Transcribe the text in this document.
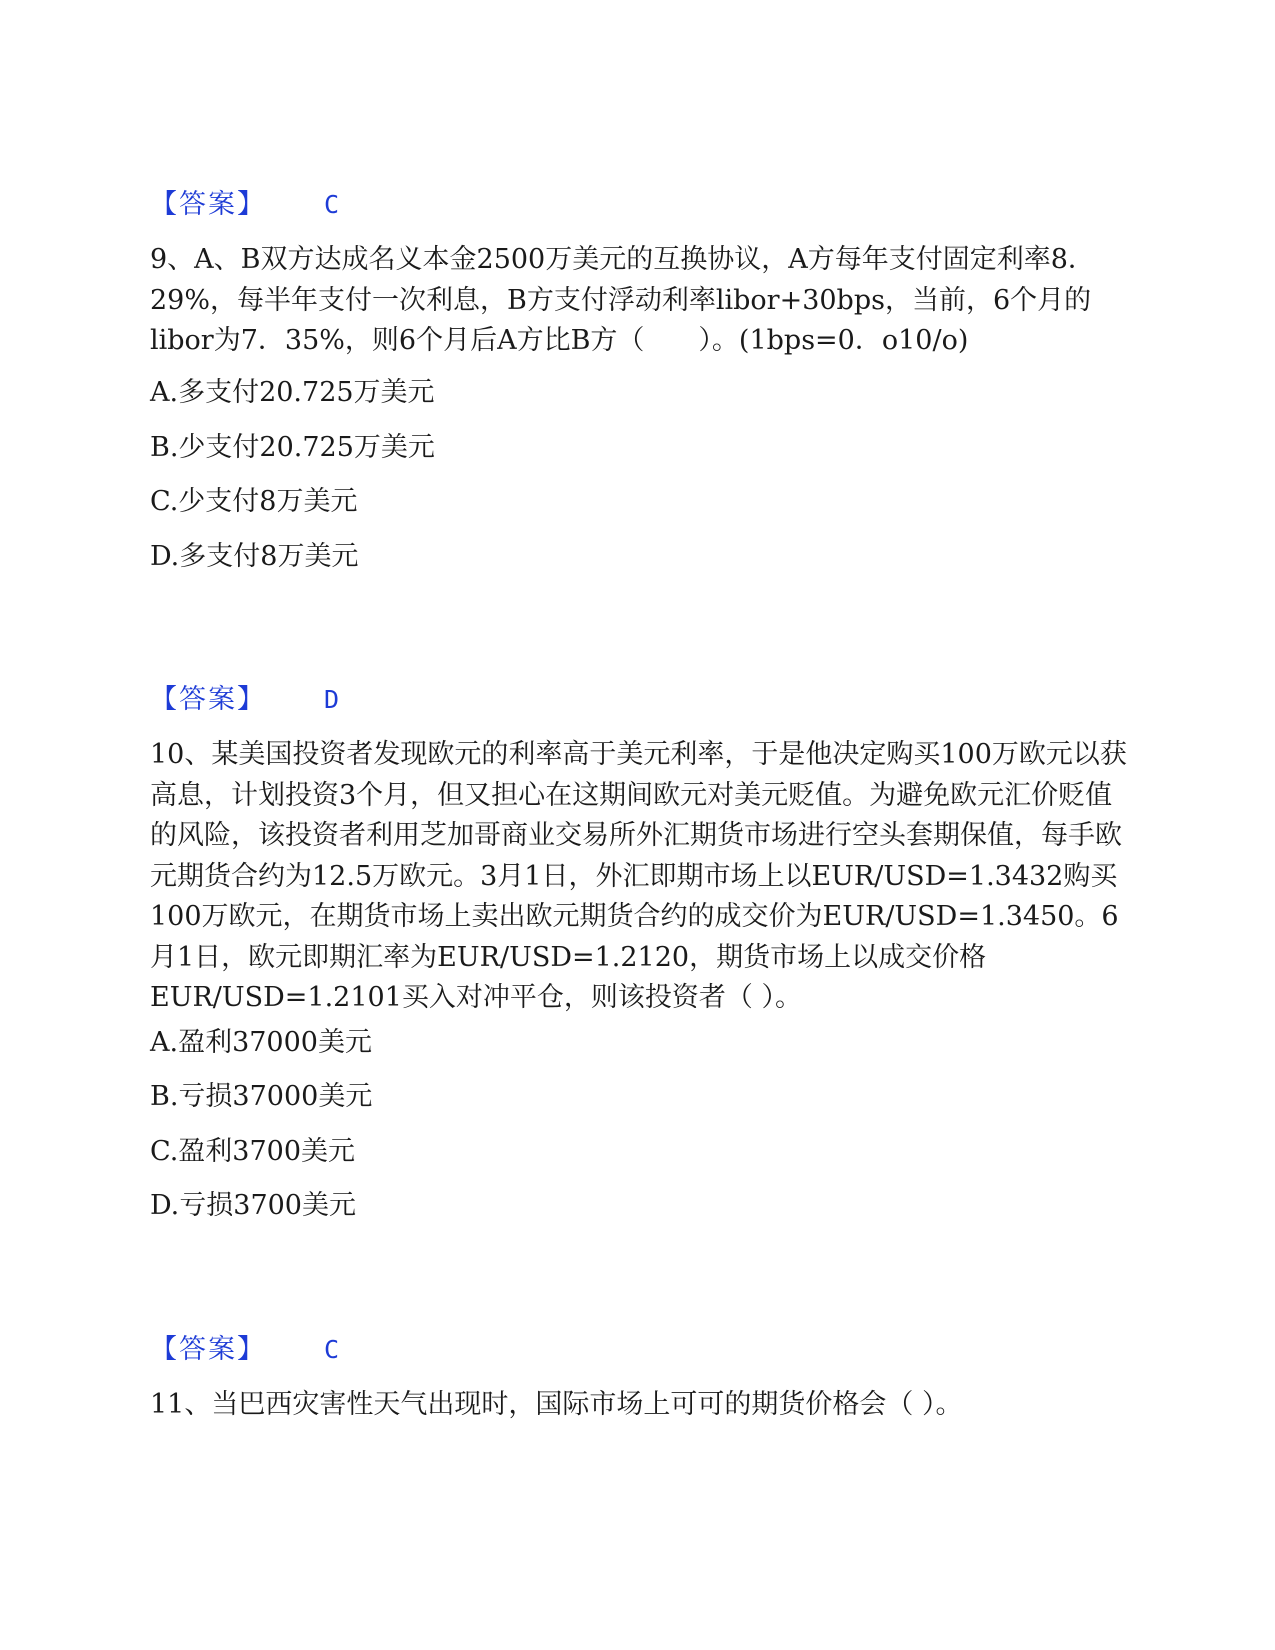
【答案】 C
9、A、B双方达成名义本金2500万美元的互换协议，A方每年支付固定利率8．29%，每半年支付一次利息，B方支付浮动利率libor+30bps，当前，6个月的libor为7．35%，则6个月后A方比B方（　　）。(1bps=0．o10/o)
A.多支付20.725万美元
B.少支付20.725万美元
C.少支付8万美元
D.多支付8万美元
【答案】 D
10、某美国投资者发现欧元的利率高于美元利率，于是他决定购买100万欧元以获高息，计划投资3个月，但又担心在这期间欧元对美元贬值。为避免欧元汇价贬值的风险，该投资者利用芝加哥商业交易所外汇期货市场进行空头套期保值，每手欧元期货合约为12.5万欧元。3月1日，外汇即期市场上以EUR/USD=1.3432购买100万欧元，在期货市场上卖出欧元期货合约的成交价为EUR/USD=1.3450。6月1日，欧元即期汇率为EUR/USD=1.2120，期货市场上以成交价格EUR/USD=1.2101买入对冲平仓，则该投资者（ ）。
A.盈利37000美元
B.亏损37000美元
C.盈利3700美元
D.亏损3700美元
【答案】 C
11、当巴西灾害性天气出现时，国际市场上可可的期货价格会（ ）。
